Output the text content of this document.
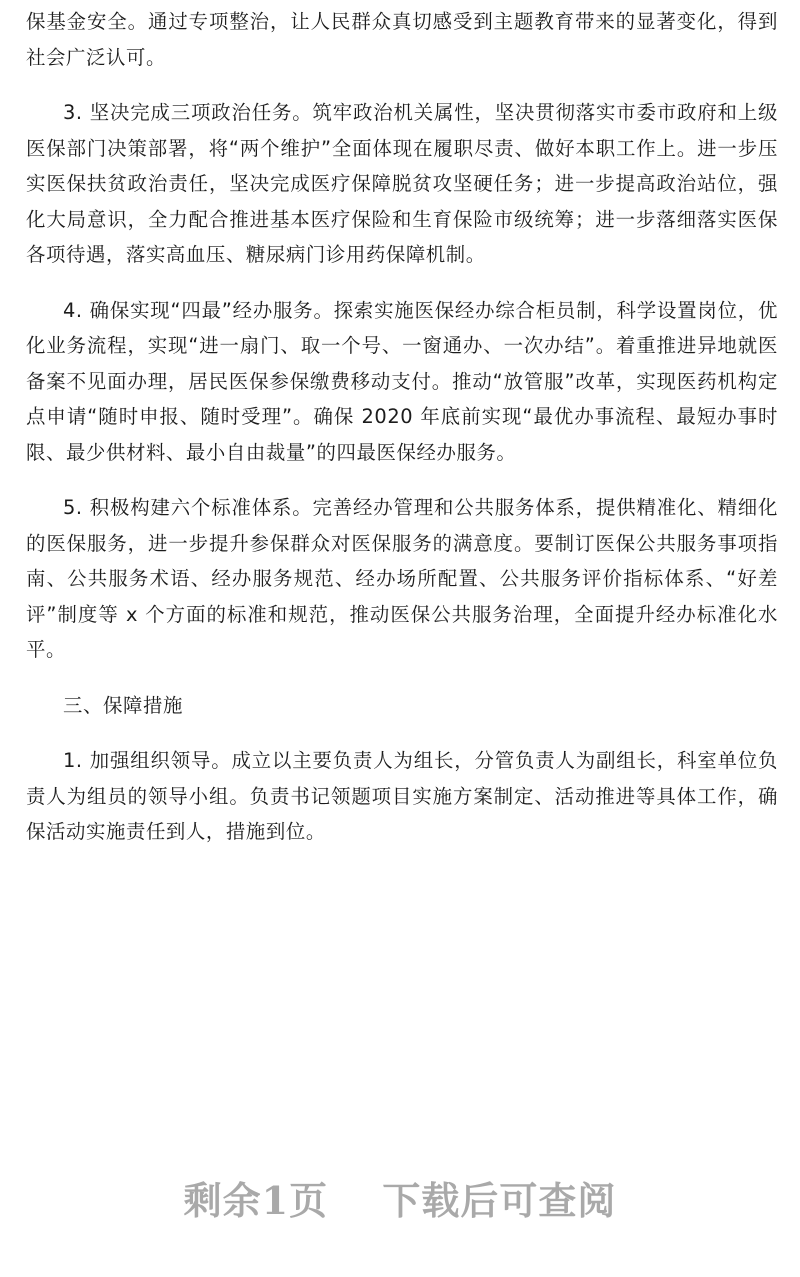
保基金安全。通过专项整治，让人民群众真切感受到主题教育带来的显著变化，得到社会广泛认可。

3. 坚决完成三项政治任务。筑牢政治机关属性，坚决贯彻落实市委市政府和上级医保部门决策部署，将“两个维护”全面体现在履职尽责、做好本职工作上。进一步压实医保扶贫政治责任，坚决完成医疗保障脱贫攻坚硬任务；进一步提高政治站位，强化大局意识，全力配合推进基本医疗保险和生育保险市级统筹；进一步落细落实医保各项待遇，落实高血压、糖尿病门诊用药保障机制。

4. 确保实现“四最”经办服务。探索实施医保经办综合柜员制，科学设置岗位，优化业务流程，实现“进一扇门、取一个号、一窗通办、一次办结”。着重推进异地就医备案不见面办理，居民医保参保缴费移动支付。推动“放管服”改革，实现医药机构定点申请“随时申报、随时受理”。确保 2020 年底前实现“最优办事流程、最短办事时限、最少供材料、最小自由裁量”的四最医保经办服务。

5. 积极构建六个标准体系。完善经办管理和公共服务体系，提供精准化、精细化的医保服务，进一步提升参保群众对医保服务的满意度。要制订医保公共服务事项指南、公共服务术语、经办服务规范、经办场所配置、公共服务评价指标体系、“好差评”制度等 x 个方面的标准和规范，推动医保公共服务治理，全面提升经办标准化水平。

三、保障措施

1. 加强组织领导。成立以主要负责人为组长，分管负责人为副组长，科室单位负责人为组员的领导小组。负责书记领题项目实施方案制定、活动推进等具体工作，确保活动实施责任到人，措施到位。

剩余1页 下载后可查阅
